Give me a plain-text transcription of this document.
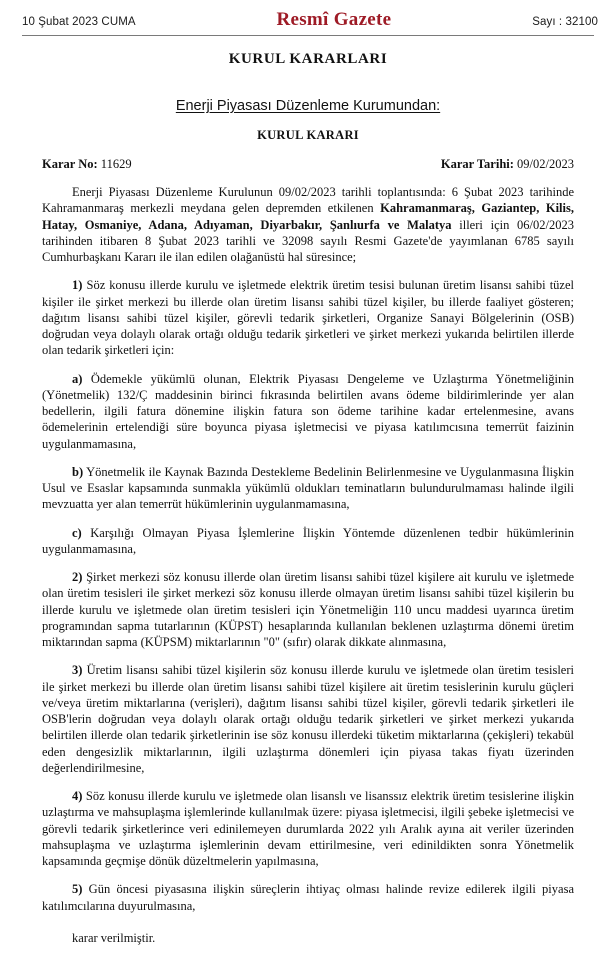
10 Şubat 2023 CUMA	Resmî Gazete	Sayı : 32100
KURUL KARARLARI
Enerji Piyasası Düzenleme Kurumundan:
KURUL KARARI
Karar No: 11629	Karar Tarihi: 09/02/2023

Enerji Piyasası Düzenleme Kurulunun 09/02/2023 tarihli toplantısında: 6 Şubat 2023 tarihinde Kahramanmaraş merkezli meydana gelen depremden etkilenen Kahramanmaraş, Gaziantep, Kilis, Hatay, Osmaniye, Adana, Adıyaman, Diyarbakır, Şanlıurfa ve Malatya illeri için 06/02/2023 tarihinden itibaren 8 Şubat 2023 tarihli ve 32098 sayılı Resmi Gazete'de yayımlanan 6785 sayılı Cumhurbaşkanı Kararı ile ilan edilen olağanüstü hal süresince;

1) Söz konusu illerde kurulu ve işletmede elektrik üretim tesisi bulunan üretim lisansı sahibi tüzel kişiler ile şirket merkezi bu illerde olan üretim lisansı sahibi tüzel kişiler, bu illerde faaliyet gösteren; dağıtım lisansı sahibi tüzel kişiler, görevli tedarik şirketleri, Organize Sanayi Bölgelerinin (OSB) doğrudan veya dolaylı olarak ortağı olduğu tedarik şirketleri ve şirket merkezi yukarıda belirtilen illerde olan tedarik şirketleri için:

a) Ödemekle yükümlü olunan, Elektrik Piyasası Dengeleme ve Uzlaştırma Yönetmeliğinin (Yönetmelik) 132/Ç maddesinin birinci fıkrasında belirtilen avans ödeme bildirimlerinde yer alan bedellerin, ilgili fatura dönemine ilişkin fatura son ödeme tarihine kadar ertelenmesine, avans ödemelerinin ertelendiği süre boyunca piyasa işletmecisi ve piyasa katılımcısına temerrüt faizinin uygulanmamasına,

b) Yönetmelik ile Kaynak Bazında Destekleme Bedelinin Belirlenmesine ve Uygulanmasına İlişkin Usul ve Esaslar kapsamında sunmakla yükümlü oldukları teminatların bulundurulmaması halinde ilgili mevzuatta yer alan temerrüt hükümlerinin uygulanmamasına,

c) Karşılığı Olmayan Piyasa İşlemlerine İlişkin Yöntemde düzenlenen tedbir hükümlerinin uygulanmamasına,

2) Şirket merkezi söz konusu illerde olan üretim lisansı sahibi tüzel kişilere ait kurulu ve işletmede olan üretim tesisleri ile şirket merkezi söz konusu illerde olmayan üretim lisansı sahibi tüzel kişilerin bu illerde kurulu ve işletmede olan üretim tesisleri için Yönetmeliğin 110 uncu maddesi uyarınca üretim programından sapma tutarlarının (KÜPST) hesaplarında kullanılan beklenen uzlaştırma dönemi üretim miktarından sapma (KÜPSM) miktarlarının "0" (sıfır) olarak dikkate alınmasına,

3) Üretim lisansı sahibi tüzel kişilerin söz konusu illerde kurulu ve işletmede olan üretim tesisleri ile şirket merkezi bu illerde olan üretim lisansı sahibi tüzel kişilere ait üretim tesislerinin kurulu güçleri ve/veya üretim miktarlarına (verişleri), dağıtım lisansı sahibi tüzel kişiler, görevli tedarik şirketleri ile OSB'lerin doğrudan veya dolaylı olarak ortağı olduğu tedarik şirketleri ve şirket merkezi yukarıda belirtilen illerde olan tedarik şirketlerinin ise söz konusu illerdeki tüketim miktarlarına (çekişleri) tekabül eden dengesizlik miktarlarının, ilgili uzlaştırma dönemleri için piyasa takas fiyatı üzerinden değerlendirilmesine,

4) Söz konusu illerde kurulu ve işletmede olan lisanslı ve lisanssız elektrik üretim tesislerine ilişkin uzlaştırma ve mahsuplaşma işlemlerinde kullanılmak üzere: piyasa işletmecisi, ilgili şebeke işletmecisi ve görevli tedarik şirketlerince veri edinilemeyen durumlarda 2022 yılı Aralık ayına ait veriler üzerinden mahsuplaşma ve uzlaştırma işlemlerinin devam ettirilmesine, veri edinildikten sonra Yönetmelik kapsamında geçmişe dönük düzeltmelerin yapılmasına,

5) Gün öncesi piyasasına ilişkin süreçlerin ihtiyaç olması halinde revize edilerek ilgili piyasa katılımcılarına duyurulmasına,

karar verilmiştir.
